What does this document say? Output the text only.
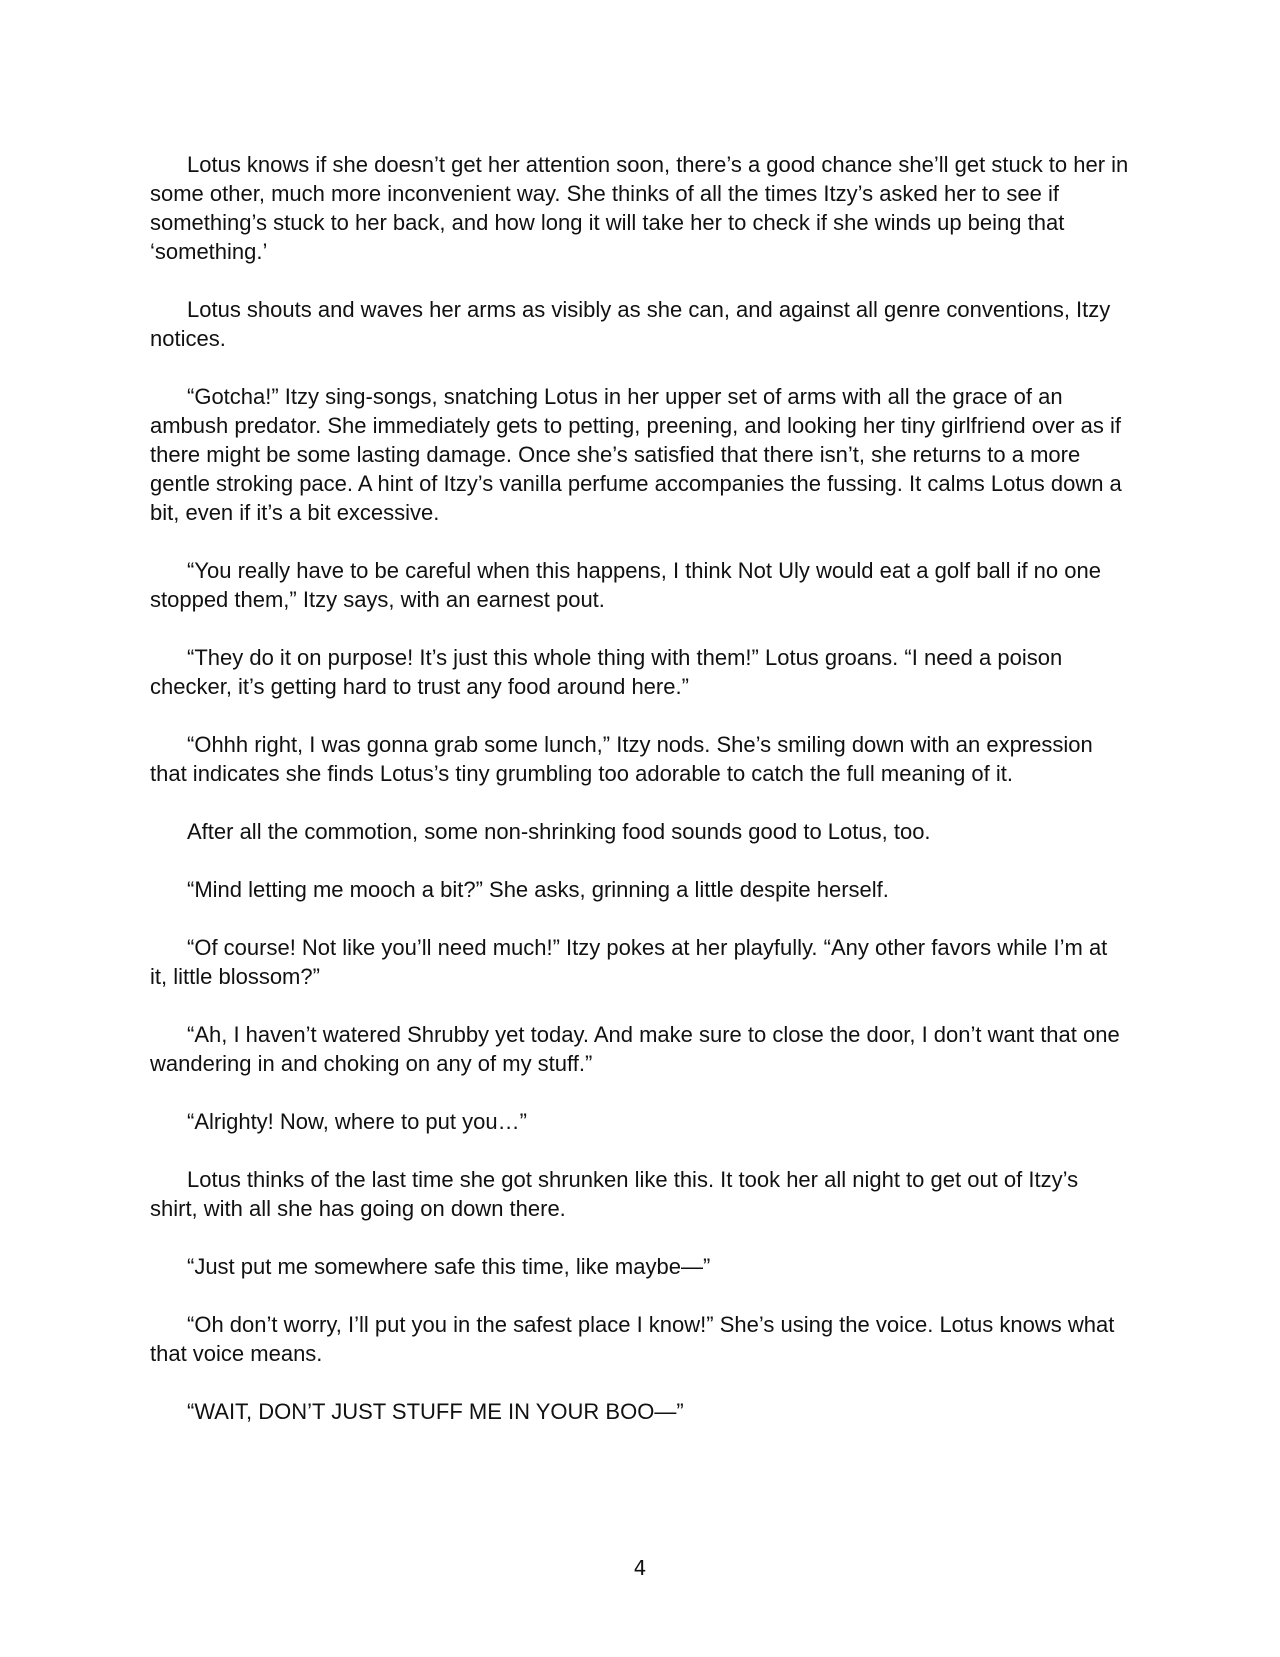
Lotus knows if she doesn’t get her attention soon, there’s a good chance she’ll get stuck to her in some other, much more inconvenient way. She thinks of all the times Itzy’s asked her to see if something’s stuck to her back, and how long it will take her to check if she winds up being that ‘something.’

Lotus shouts and waves her arms as visibly as she can, and against all genre conventions, Itzy notices.

“Gotcha!” Itzy sing-songs, snatching Lotus in her upper set of arms with all the grace of an ambush predator. She immediately gets to petting, preening, and looking her tiny girlfriend over as if there might be some lasting damage. Once she’s satisfied that there isn’t, she returns to a more gentle stroking pace. A hint of Itzy’s vanilla perfume accompanies the fussing. It calms Lotus down a bit, even if it’s a bit excessive.

“You really have to be careful when this happens, I think Not Uly would eat a golf ball if no one stopped them,” Itzy says, with an earnest pout.

“They do it on purpose! It’s just this whole thing with them!” Lotus groans. “I need a poison checker, it’s getting hard to trust any food around here.”

“Ohhh right, I was gonna grab some lunch,” Itzy nods. She’s smiling down with an expression that indicates she finds Lotus’s tiny grumbling too adorable to catch the full meaning of it.

After all the commotion, some non-shrinking food sounds good to Lotus, too.

“Mind letting me mooch a bit?” She asks, grinning a little despite herself.

“Of course! Not like you’ll need much!” Itzy pokes at her playfully. “Any other favors while I’m at it, little blossom?”

“Ah, I haven’t watered Shrubby yet today. And make sure to close the door, I don’t want that one wandering in and choking on any of my stuff.”

“Alrighty! Now, where to put you…”

Lotus thinks of the last time she got shrunken like this. It took her all night to get out of Itzy’s shirt, with all she has going on down there.

“Just put me somewhere safe this time, like maybe—”

“Oh don’t worry, I’ll put you in the safest place I know!” She’s using the voice. Lotus knows what that voice means.

“WAIT, DON’T JUST STUFF ME IN YOUR BOO—”

4
